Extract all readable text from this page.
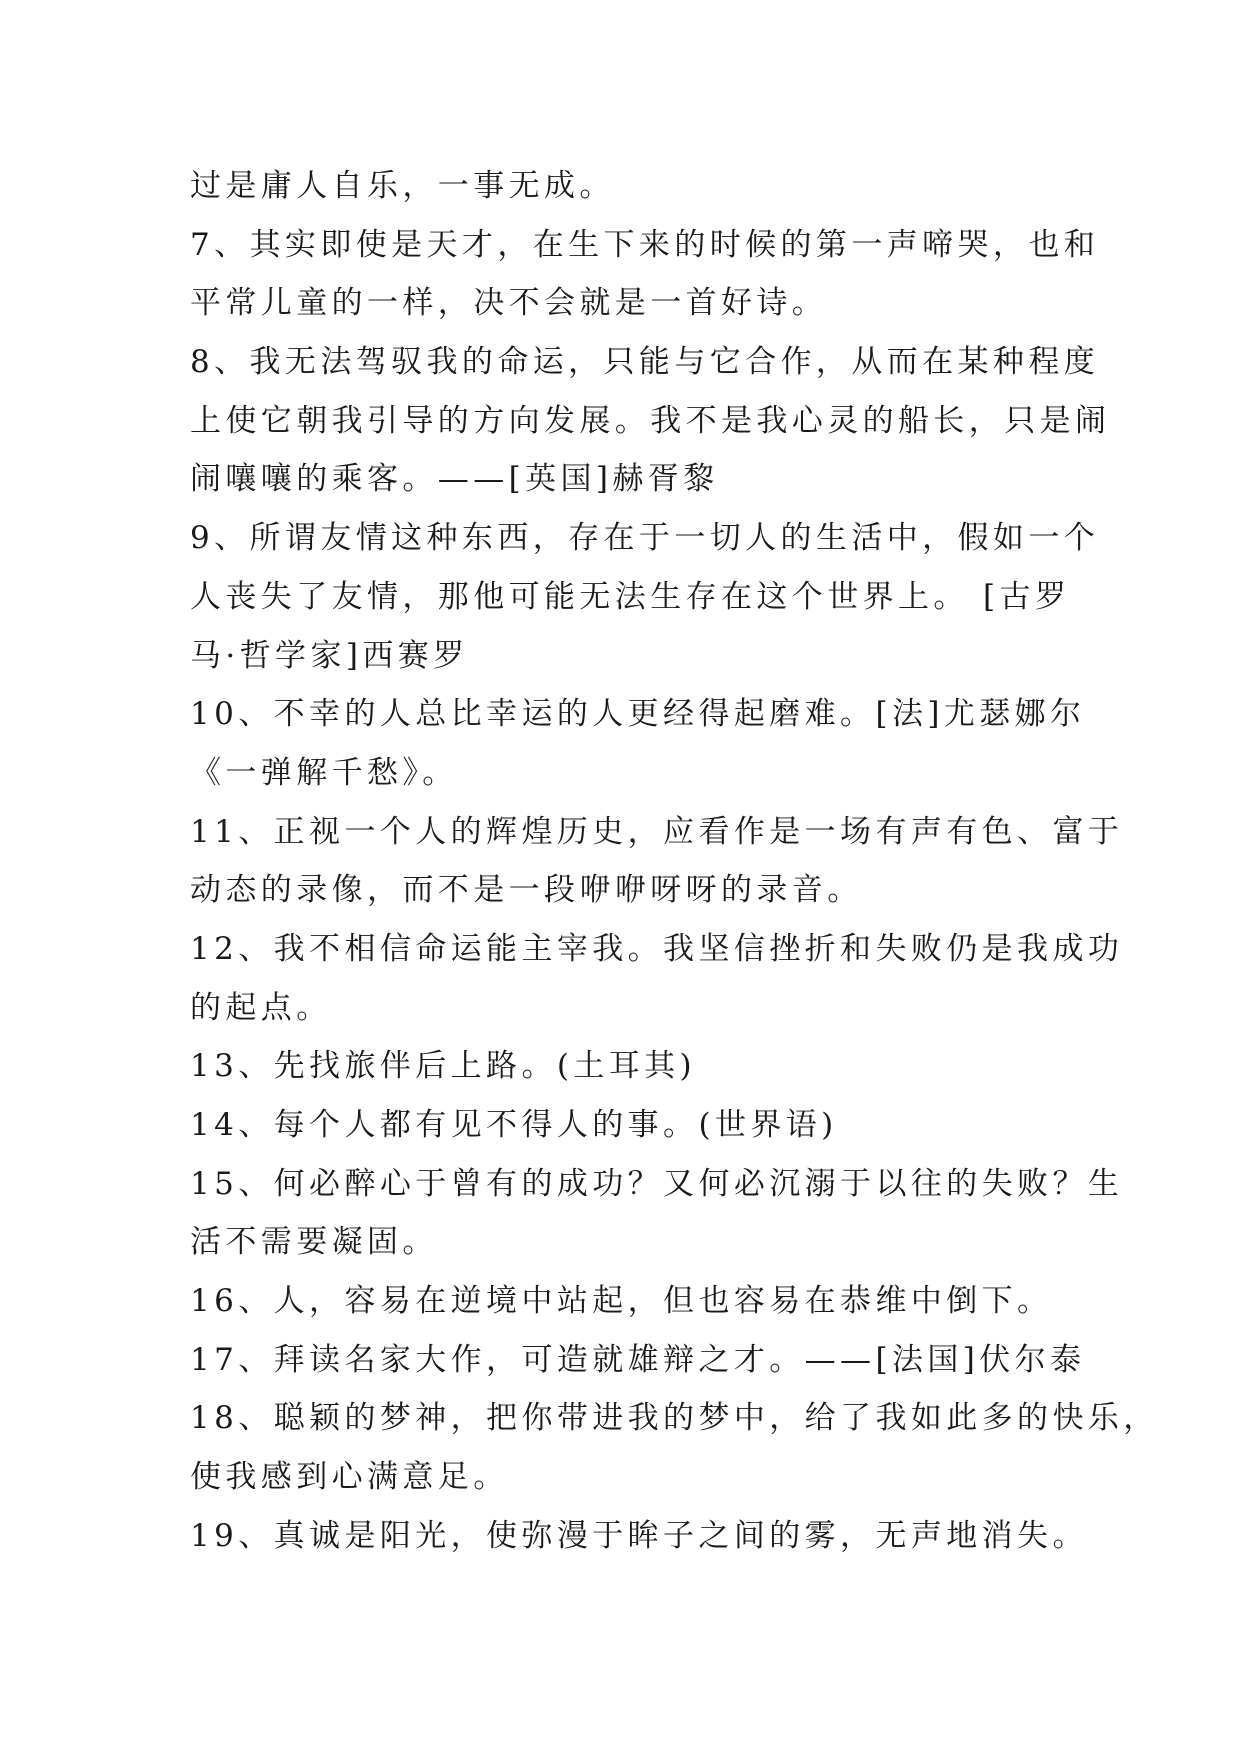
过是庸人自乐，一事无成。
7、其实即使是天才，在生下来的时候的第一声啼哭，也和
平常儿童的一样，决不会就是一首好诗。
8、我无法驾驭我的命运，只能与它合作，从而在某种程度
上使它朝我引导的方向发展。我不是我心灵的船长，只是闹
闹嚷嚷的乘客。——[英国]赫胥黎
9、所谓友情这种东西，存在于一切人的生活中，假如一个
人丧失了友情，那他可能无法生存在这个世界上。 [古罗
马·哲学家]西赛罗
10、不幸的人总比幸运的人更经得起磨难。[法]尤瑟娜尔
《一弹解千愁》。
11、正视一个人的辉煌历史，应看作是一场有声有色、富于
动态的录像，而不是一段咿咿呀呀的录音。
12、我不相信命运能主宰我。我坚信挫折和失败仍是我成功
的起点。
13、先找旅伴后上路。(土耳其)
14、每个人都有见不得人的事。(世界语)
15、何必醉心于曾有的成功？又何必沉溺于以往的失败？生
活不需要凝固。
16、人，容易在逆境中站起，但也容易在恭维中倒下。
17、拜读名家大作，可造就雄辩之才。——[法国]伏尔泰
18、聪颖的梦神，把你带进我的梦中，给了我如此多的快乐，
使我感到心满意足。
19、真诚是阳光，使弥漫于眸子之间的雾，无声地消失。
